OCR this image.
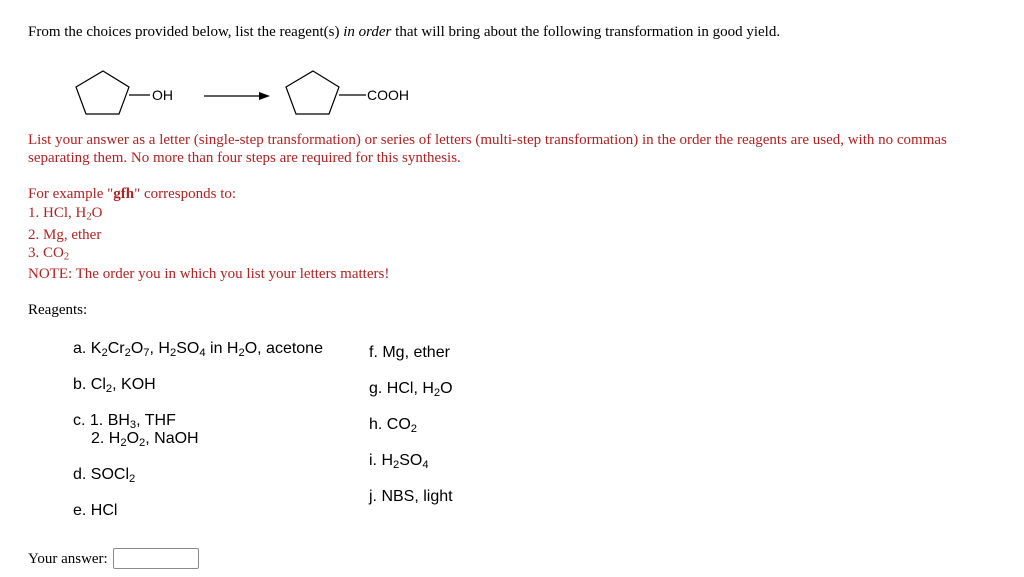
From the choices provided below, list the reagent(s) in order that will bring about the following transformation in good yield.
OH	COOH
List your answer as a letter (single-step transformation) or series of letters (multi-step transformation) in the order the reagents are used, with no commas
separating them. No more than four steps are required for this synthesis.
For example "gfh" corresponds to:
1. HCl, $H_2O$
2. Mg, ether
3. $CO_2$
NOTE: The order you in which you list your letters matters!
Reagents:
a. $K_2Cr_2O_7$, $H_2SO_4$ in $H_2O$, acetone
b. $Cl_2$, KOH
c. 1. $BH_3$, THF
2. $H_2O_2$, NaOH
d. SOCl$_2$
e. HCl
f. Mg, ether
g. HCl, $H_2O$
h. $CO_2$
i. $H_2SO_4$
j. NBS, light
Your answer:
